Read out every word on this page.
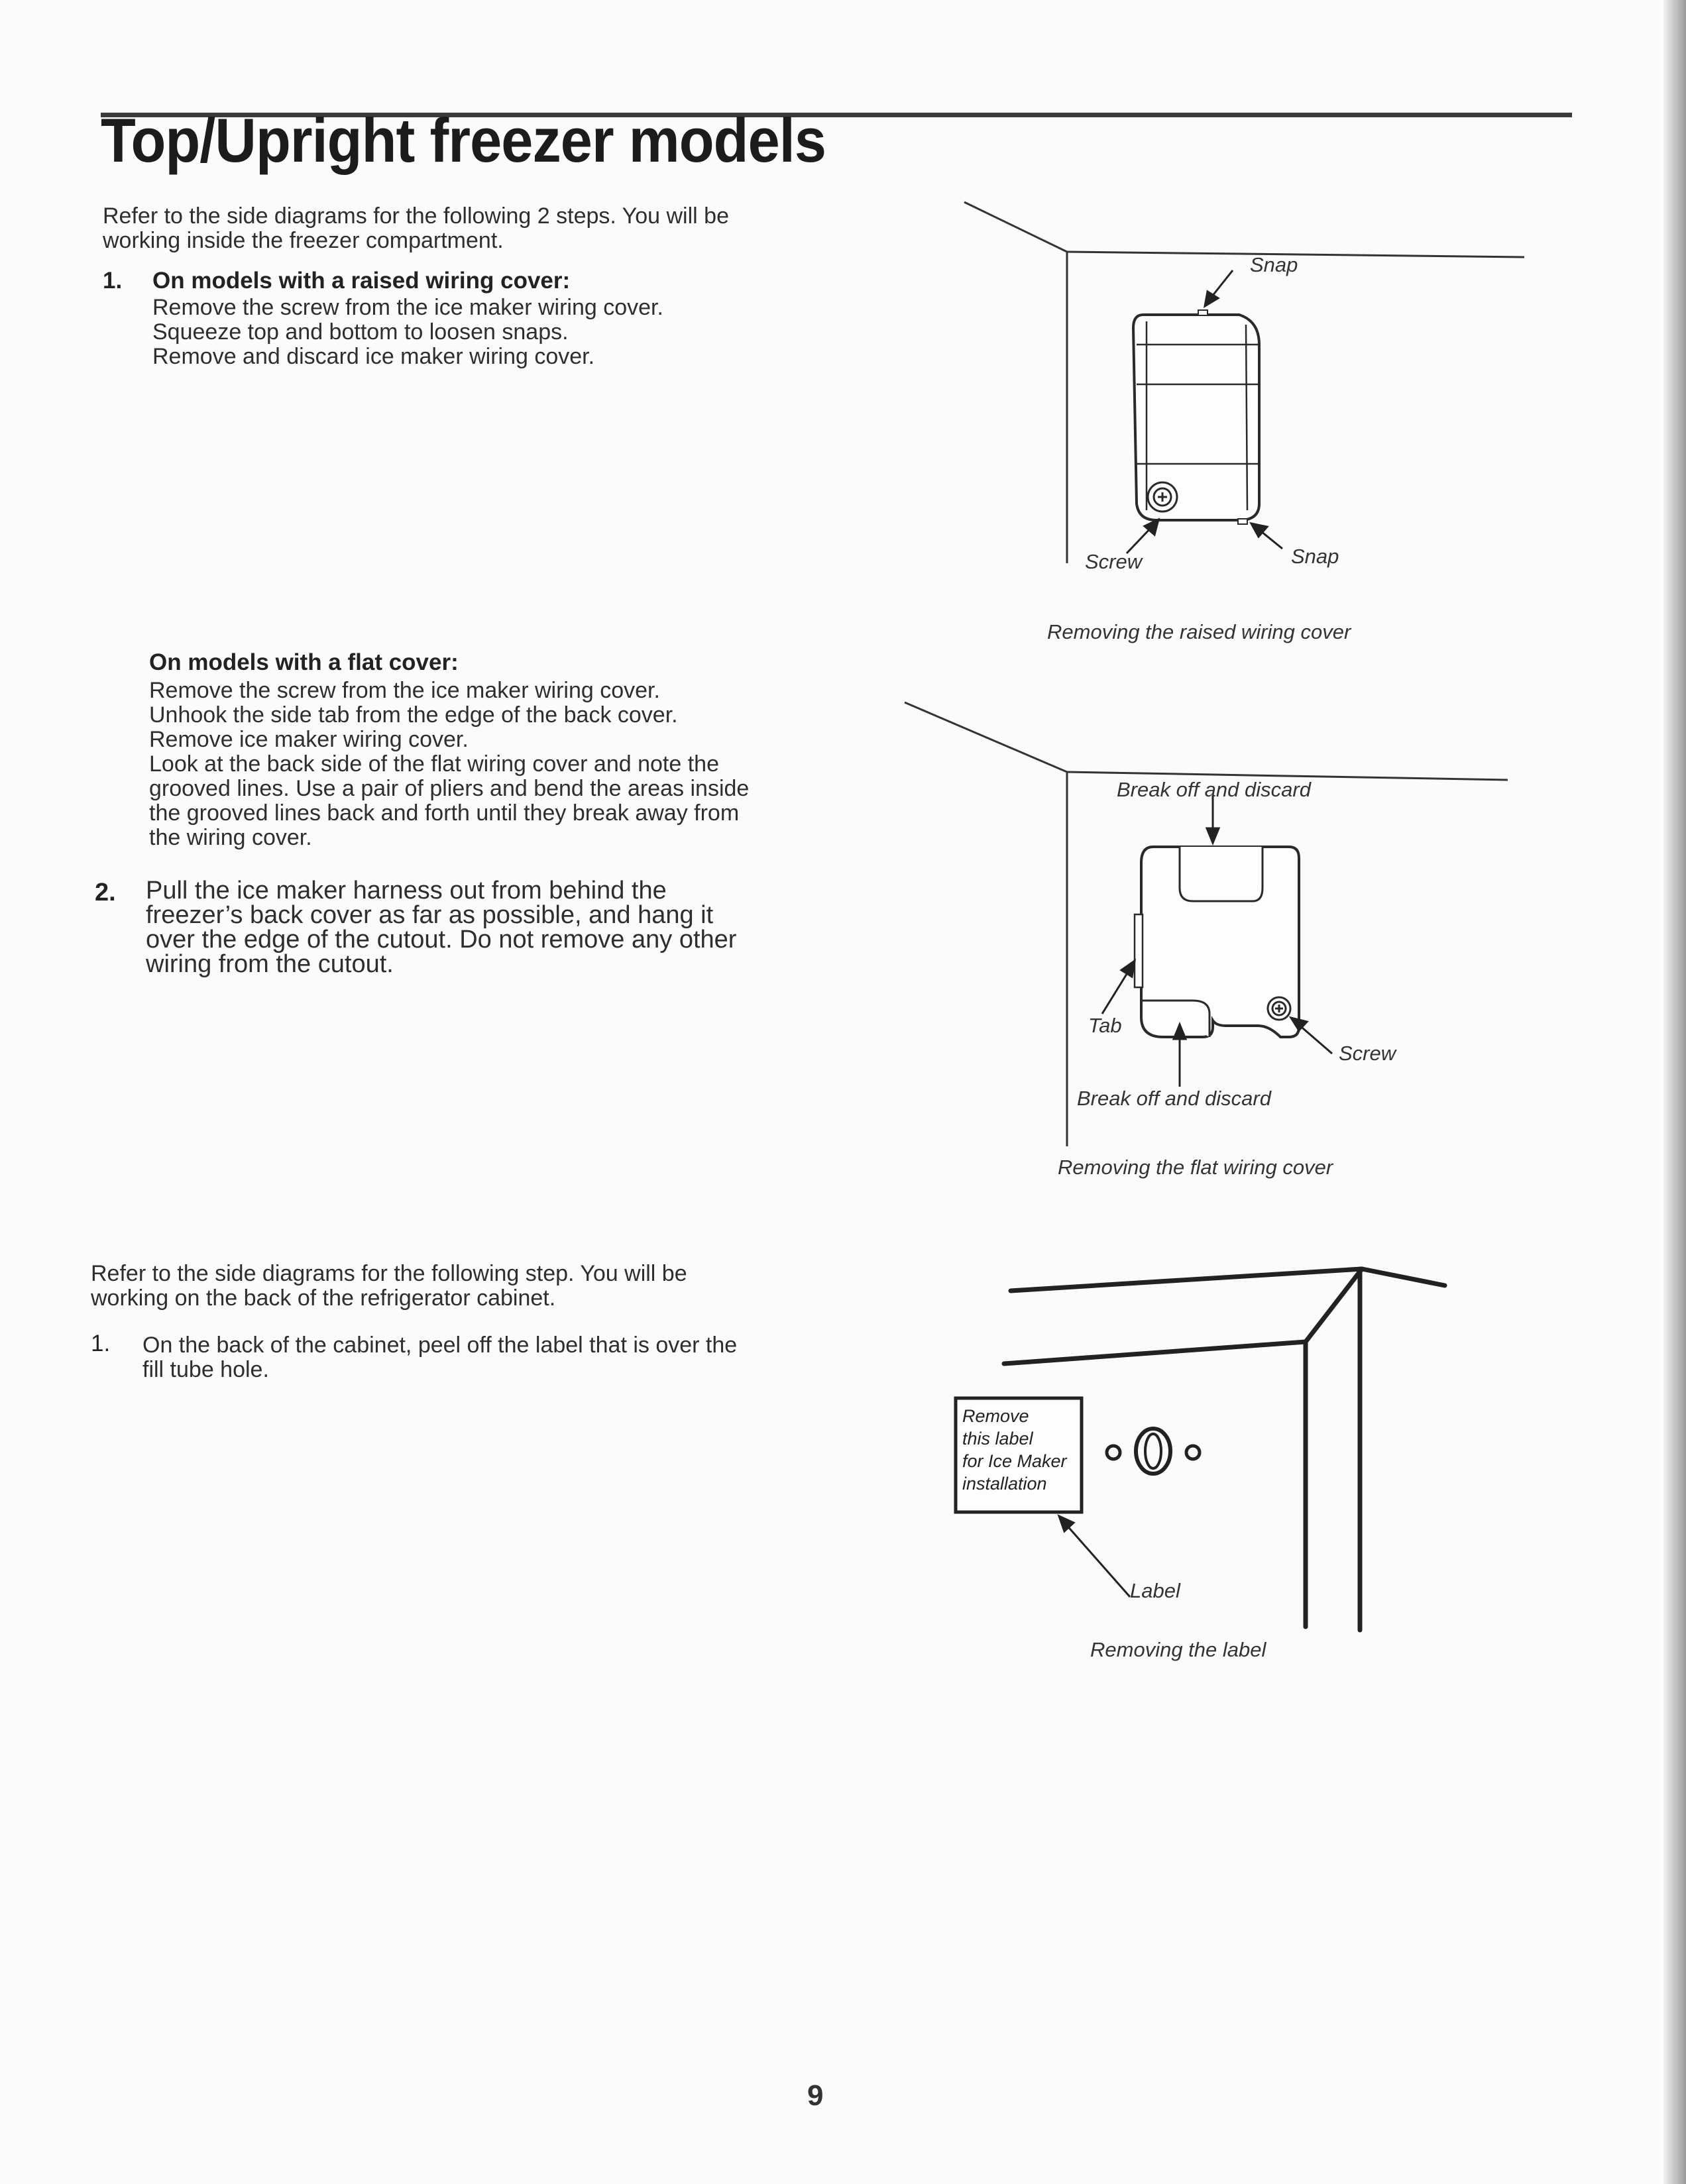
Top/Upright freezer models
Refer to the side diagrams for the following 2 steps. You will be
working inside the freezer compartment.
1. On models with a raised wiring cover:
Remove the screw from the ice maker wiring cover.
Squeeze top and bottom to loosen snaps.
Remove and discard ice maker wiring cover.
On models with a flat cover:
Remove the screw from the ice maker wiring cover.
Unhook the side tab from the edge of the back cover.
Remove ice maker wiring cover.
Look at the back side of the flat wiring cover and note the
grooved lines. Use a pair of pliers and bend the areas inside
the grooved lines back and forth until they break away from
the wiring cover.
2. Pull the ice maker harness out from behind the
freezer’s back cover as far as possible, and hang it
over the edge of the cutout. Do not remove any other
wiring from the cutout.
Refer to the side diagrams for the following step. You will be
working on the back of the refrigerator cabinet.
1. On the back of the cabinet, peel off the label that is over the
fill tube hole.
Snap
Screw	Snap
Removing the raised wiring cover
Break off and discard
Tab
Screw
Break off and discard
Removing the flat wiring cover
Remove
this label
for Ice Maker
installation
Label
Removing the label
9
